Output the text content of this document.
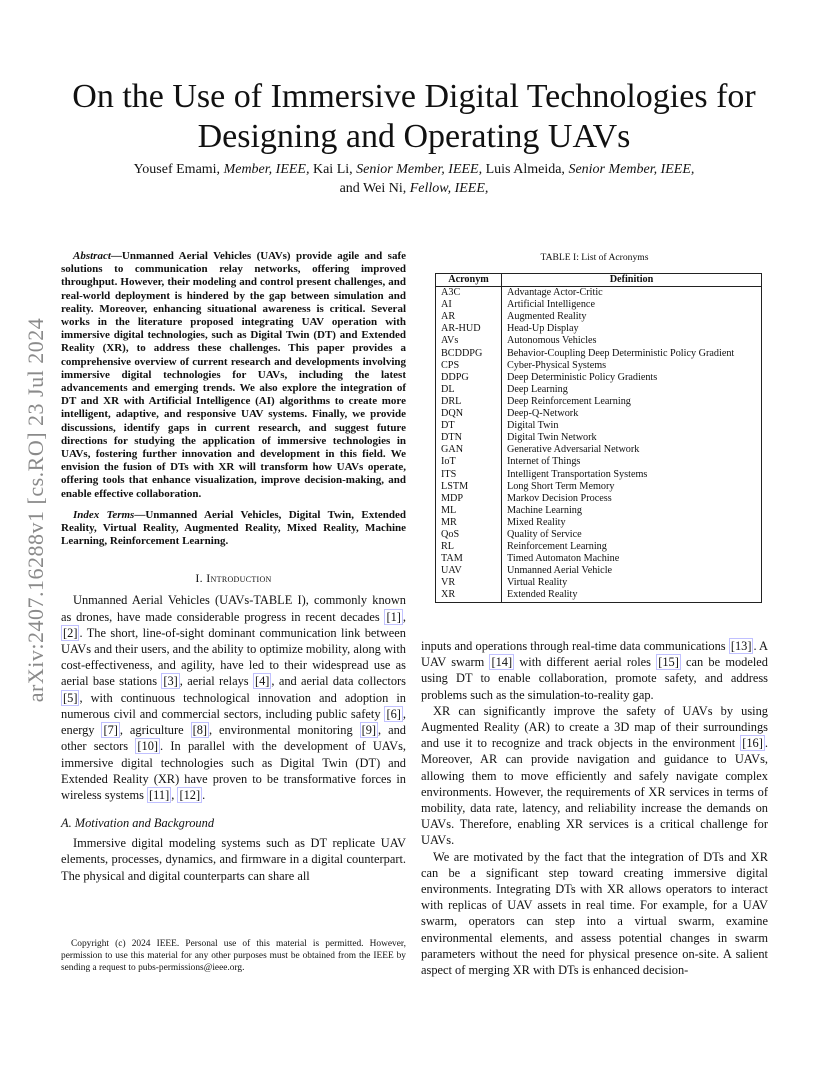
arXiv:2407.16288v1 [cs.RO] 23 Jul 2024
On the Use of Immersive Digital Technologies for Designing and Operating UAVs
Yousef Emami, Member, IEEE, Kai Li, Senior Member, IEEE, Luis Almeida, Senior Member, IEEE,
and Wei Ni, Fellow, IEEE,

Abstract—Unmanned Aerial Vehicles (UAVs) provide agile and safe solutions to communication relay networks, offering improved throughput. However, their modeling and control present challenges, and real-world deployment is hindered by the gap between simulation and reality. Moreover, enhancing situational awareness is critical. Several works in the literature proposed integrating UAV operation with immersive digital technologies, such as Digital Twin (DT) and Extended Reality (XR), to address these challenges. This paper provides a comprehensive overview of current research and developments involving immersive digital technologies for UAVs, including the latest advancements and emerging trends. We also explore the integration of DT and XR with Artificial Intelligence (AI) algorithms to create more intelligent, adaptive, and responsive UAV systems. Finally, we provide discussions, identify gaps in current research, and suggest future directions for studying the application of immersive technologies in UAVs, fostering further innovation and development in this field. We envision the fusion of DTs with XR will transform how UAVs operate, offering tools that enhance visualization, improve decision-making, and enable effective collaboration.

Index Terms—Unmanned Aerial Vehicles, Digital Twin, Extended Reality, Virtual Reality, Augmented Reality, Mixed Reality, Machine Learning, Reinforcement Learning.

I. Introduction

Unmanned Aerial Vehicles (UAVs-TABLE I), commonly known as drones, have made considerable progress in recent decades [1] , [2] . The short, line-of-sight dominant communication link between UAVs and their users, and the ability to optimize mobility, along with cost-effectiveness, and agility, have led to their widespread use as aerial base stations [3] , aerial relays [4] , and aerial data collectors [5] , with continuous technological innovation and adoption in numerous civil and commercial sectors, including public safety [6] , energy [7] , agriculture [8] , environmental monitoring [9] , and other sectors [10] . In parallel with the development of UAVs, immersive digital technologies such as Digital Twin (DT) and Extended Reality (XR) have proven to be transformative forces in wireless systems [11] , [12] .

A. Motivation and Background

Immersive digital modeling systems such as DT replicate UAV elements, processes, dynamics, and firmware in a digital counterpart. The physical and digital counterparts can share all

Copyright (c) 2024 IEEE. Personal use of this material is permitted. However, permission to use this material for any other purposes must be obtained from the IEEE by sending a request to pubs-permissions@ieee.org.

TABLE I: List of Acronyms
Acronym	Definition
A3C	Advantage Actor-Critic
AI	Artificial Intelligence
AR	Augmented Reality
AR-HUD	Head-Up Display
AVs	Autonomous Vehicles
BCDDPG	Behavior-Coupling Deep Deterministic Policy Gradient
CPS	Cyber-Physical Systems
DDPG	Deep Deterministic Policy Gradients
DL	Deep Learning
DRL	Deep Reinforcement Learning
DQN	Deep-Q-Network
DT	Digital Twin
DTN	Digital Twin Network
GAN	Generative Adversarial Network
IoT	Internet of Things
ITS	Intelligent Transportation Systems
LSTM	Long Short Term Memory
MDP	Markov Decision Process
ML	Machine Learning
MR	Mixed Reality
QoS	Quality of Service
RL	Reinforcement Learning
TAM	Timed Automaton Machine
UAV	Unmanned Aerial Vehicle
VR	Virtual Reality
XR	Extended Reality

inputs and operations through real-time data communications [13] . A UAV swarm [14] with different aerial roles [15] can be modeled using DT to enable collaboration, promote safety, and address problems such as the simulation-to-reality gap.

XR can significantly improve the safety of UAVs by using Augmented Reality (AR) to create a 3D map of their surroundings and use it to recognize and track objects in the environment [16] . Moreover, AR can provide navigation and guidance to UAVs, allowing them to move efficiently and safely navigate complex environments. However, the requirements of XR services in terms of mobility, data rate, latency, and reliability increase the demands on UAVs. Therefore, enabling XR services is a critical challenge for UAVs.

We are motivated by the fact that the integration of DTs and XR can be a significant step toward creating immersive digital environments. Integrating DTs with XR allows operators to interact with replicas of UAV assets in real time. For example, for a UAV swarm, operators can step into a virtual swarm, examine environmental elements, and assess potential changes in swarm parameters without the need for physical presence on-site. A salient aspect of merging XR with DTs is enhanced decision-
